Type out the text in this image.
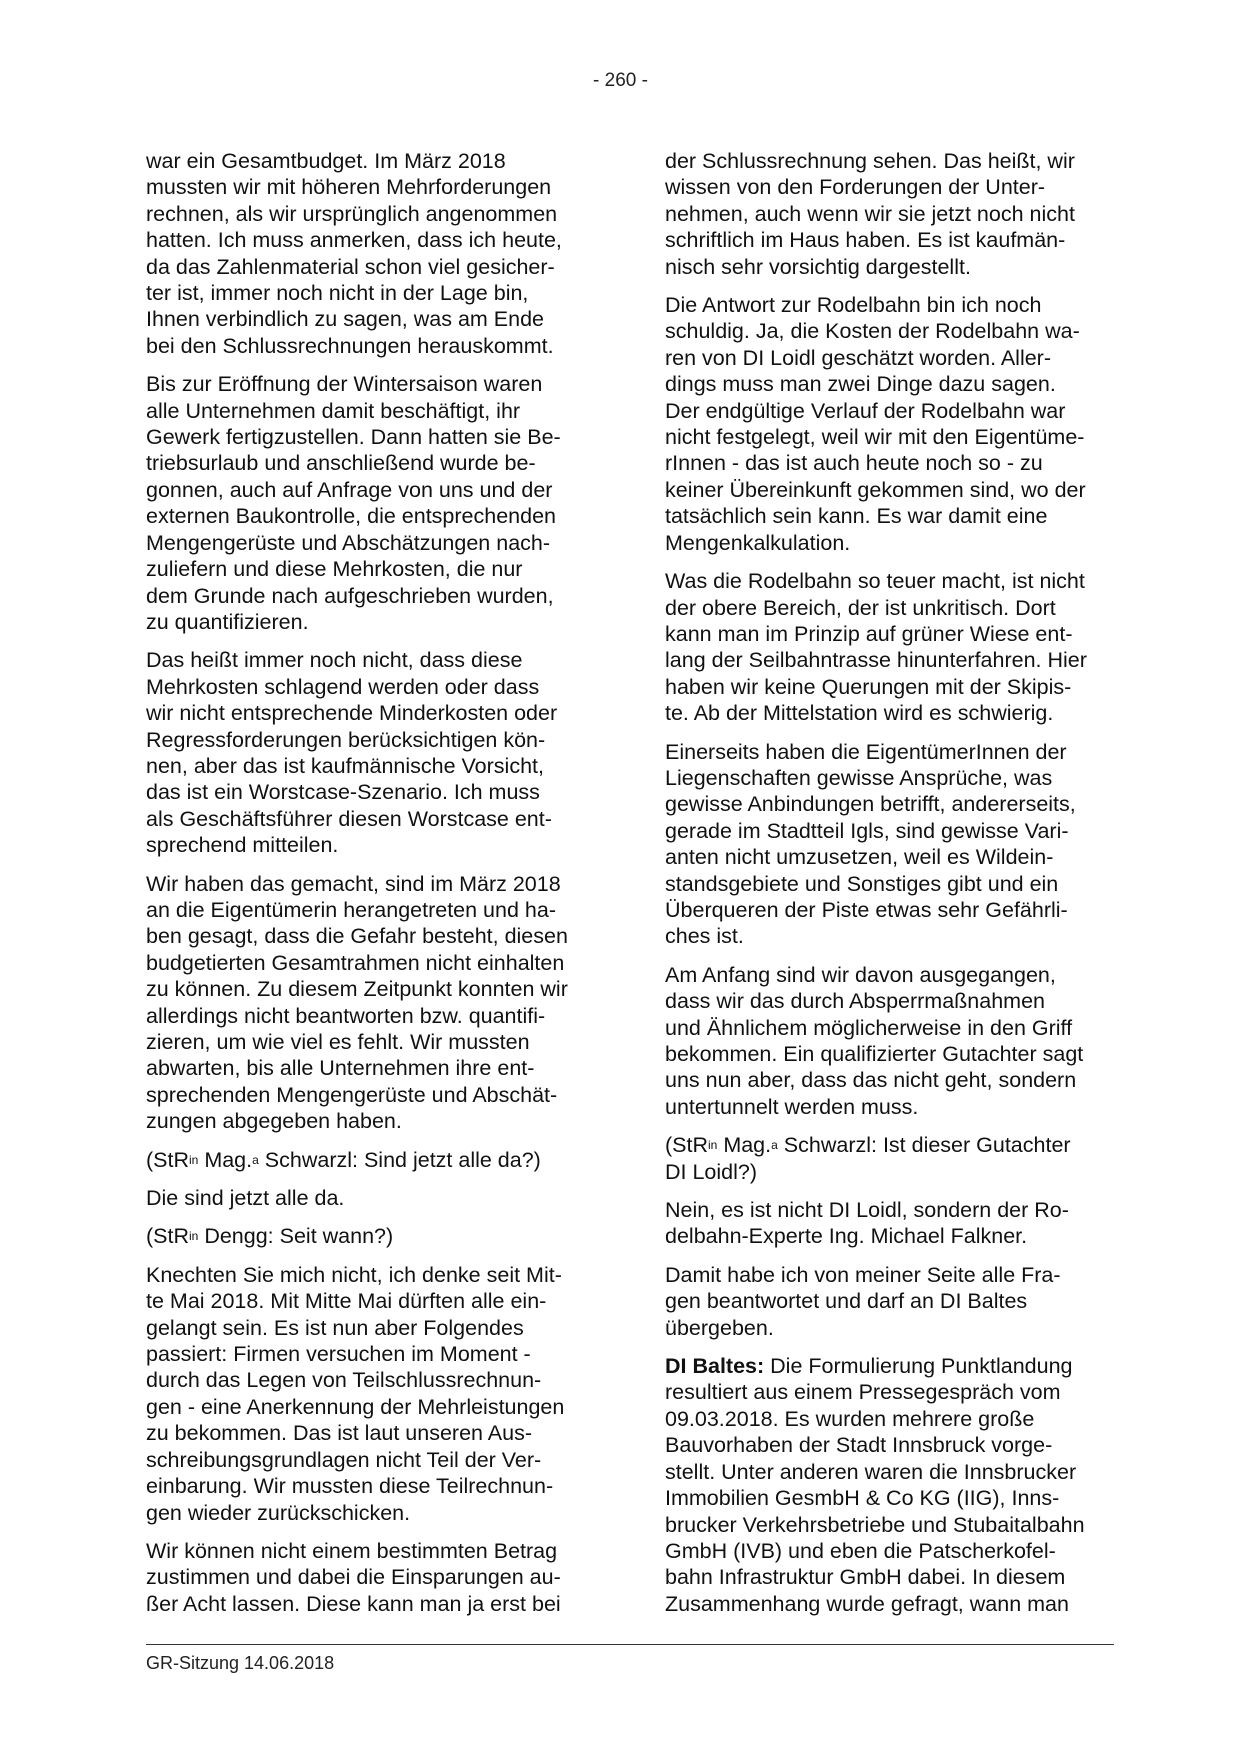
- 260 -

war ein Gesamtbudget. Im März 2018
mussten wir mit höheren Mehrforderungen
rechnen, als wir ursprünglich angenommen
hatten. Ich muss anmerken, dass ich heute,
da das Zahlenmaterial schon viel gesicher-
ter ist, immer noch nicht in der Lage bin,
Ihnen verbindlich zu sagen, was am Ende
bei den Schlussrechnungen herauskommt.

Bis zur Eröffnung der Wintersaison waren
alle Unternehmen damit beschäftigt, ihr
Gewerk fertigzustellen. Dann hatten sie Be-
triebsurlaub und anschließend wurde be-
gonnen, auch auf Anfrage von uns und der
externen Baukontrolle, die entsprechenden
Mengengerüste und Abschätzungen nach-
zuliefern und diese Mehrkosten, die nur
dem Grunde nach aufgeschrieben wurden,
zu quantifizieren.

Das heißt immer noch nicht, dass diese
Mehrkosten schlagend werden oder dass
wir nicht entsprechende Minderkosten oder
Regressforderungen berücksichtigen kön-
nen, aber das ist kaufmännische Vorsicht,
das ist ein Worstcase-Szenario. Ich muss
als Geschäftsführer diesen Worstcase ent-
sprechend mitteilen.

Wir haben das gemacht, sind im März 2018
an die Eigentümerin herangetreten und ha-
ben gesagt, dass die Gefahr besteht, diesen
budgetierten Gesamtrahmen nicht einhalten
zu können. Zu diesem Zeitpunkt konnten wir
allerdings nicht beantworten bzw. quantifi-
zieren, um wie viel es fehlt. Wir mussten
abwarten, bis alle Unternehmen ihre ent-
sprechenden Mengengerüste und Abschät-
zungen abgegeben haben.

(StR$^{in}$ Mag.$^a$ Schwarzl: Sind jetzt alle da?)

Die sind jetzt alle da.

(StR$^{in}$ Dengg: Seit wann?)

Knechten Sie mich nicht, ich denke seit Mit-
te Mai 2018. Mit Mitte Mai dürften alle ein-
gelangt sein. Es ist nun aber Folgendes
passiert: Firmen versuchen im Moment -
durch das Legen von Teilschlussrechnun-
gen - eine Anerkennung der Mehrleistungen
zu bekommen. Das ist laut unseren Aus-
schreibungsgrundlagen nicht Teil der Ver-
einbarung. Wir mussten diese Teilrechnun-
gen wieder zurückschicken.

Wir können nicht einem bestimmten Betrag
zustimmen und dabei die Einsparungen au-
ßer Acht lassen. Diese kann man ja erst bei

der Schlussrechnung sehen. Das heißt, wir
wissen von den Forderungen der Unter-
nehmen, auch wenn wir sie jetzt noch nicht
schriftlich im Haus haben. Es ist kaufmän-
nisch sehr vorsichtig dargestellt.

Die Antwort zur Rodelbahn bin ich noch
schuldig. Ja, die Kosten der Rodelbahn wa-
ren von DI Loidl geschätzt worden. Aller-
dings muss man zwei Dinge dazu sagen.
Der endgültige Verlauf der Rodelbahn war
nicht festgelegt, weil wir mit den Eigentüme-
rInnen - das ist auch heute noch so - zu
keiner Übereinkunft gekommen sind, wo der
tatsächlich sein kann. Es war damit eine
Mengenkalkulation.

Was die Rodelbahn so teuer macht, ist nicht
der obere Bereich, der ist unkritisch. Dort
kann man im Prinzip auf grüner Wiese ent-
lang der Seilbahntrasse hinunterfahren. Hier
haben wir keine Querungen mit der Skipis-
te. Ab der Mittelstation wird es schwierig.

Einerseits haben die EigentümerInnen der
Liegenschaften gewisse Ansprüche, was
gewisse Anbindungen betrifft, andererseits,
gerade im Stadtteil Igls, sind gewisse Vari-
anten nicht umzusetzen, weil es Wildein-
standsgebiete und Sonstiges gibt und ein
Überqueren der Piste etwas sehr Gefährli-
ches ist.

Am Anfang sind wir davon ausgegangen,
dass wir das durch Absperrmaßnahmen
und Ähnlichem möglicherweise in den Griff
bekommen. Ein qualifizierter Gutachter sagt
uns nun aber, dass das nicht geht, sondern
untertunnelt werden muss.

(StR$^{in}$ Mag.$^a$ Schwarzl: Ist dieser Gutachter
DI Loidl?)

Nein, es ist nicht DI Loidl, sondern der Ro-
delbahn-Experte Ing. Michael Falkner.

Damit habe ich von meiner Seite alle Fra-
gen beantwortet und darf an DI Baltes
übergeben.

DI Baltes: Die Formulierung Punktlandung
resultiert aus einem Pressegespräch vom
09.03.2018. Es wurden mehrere große
Bauvorhaben der Stadt Innsbruck vorge-
stellt. Unter anderen waren die Innsbrucker
Immobilien GesmbH & Co KG (IIG), Inns-
brucker Verkehrsbetriebe und Stubaitalbahn
GmbH (IVB) und eben die Patscherkofel-
bahn Infrastruktur GmbH dabei. In diesem
Zusammenhang wurde gefragt, wann man

GR-Sitzung 14.06.2018
